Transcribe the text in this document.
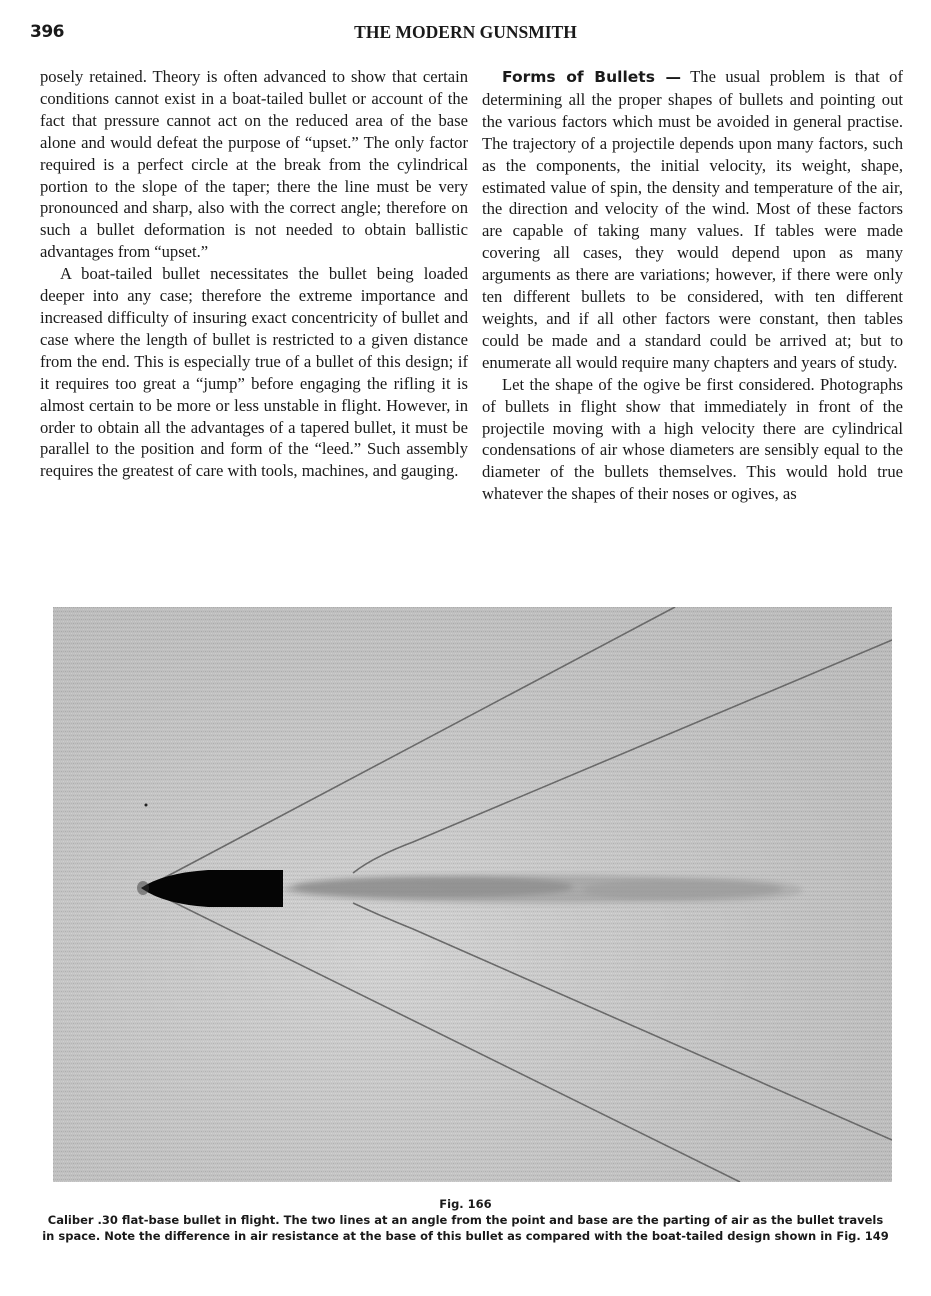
396	THE MODERN GUNSMITH

posely retained. Theory is often advanced to show that certain conditions cannot exist in a boat-tailed bullet or account of the fact that pressure cannot act on the reduced area of the base alone and would defeat the purpose of “upset.” The only factor required is a perfect circle at the break from the cylindrical portion to the slope of the taper; there the line must be very pronounced and sharp, also with the correct angle; therefore on such a bullet deformation is not needed to obtain ballistic advantages from “upset.”

A boat-tailed bullet necessitates the bullet being loaded deeper into any case; therefore the extreme importance and increased difficulty of insuring exact concentricity of bullet and case where the length of bullet is restricted to a given distance from the end. This is especially true of a bullet of this design; if it requires too great a “jump” before engaging the rifling it is almost certain to be more or less unstable in flight. However, in order to obtain all the advantages of a tapered bullet, it must be parallel to the position and form of the “leed.” Such assembly requires the greatest of care with tools, machines, and gauging.

Forms of Bullets — The usual problem is that of determining all the proper shapes of bullets and pointing out the various factors which must be avoided in general practise. The trajectory of a projectile depends upon many factors, such as the components, the initial velocity, its weight, shape, estimated value of spin, the density and temperature of the air, the direction and velocity of the wind. Most of these factors are capable of taking many values. If tables were made covering all cases, they would depend upon as many arguments as there are variations; however, if there were only ten different bullets to be considered, with ten different weights, and if all other factors were constant, then tables could be made and a standard could be arrived at; but to enumerate all would require many chapters and years of study.

Let the shape of the ogive be first considered. Photographs of bullets in flight show that immediately in front of the projectile moving with a high velocity there are cylindrical condensations of air whose diameters are sensibly equal to the diameter of the bullets themselves. This would hold true whatever the shapes of their noses or ogives, as

Fig. 166
Caliber .30 flat-base bullet in flight. The two lines at an angle from the point and base are the parting of air as the bullet travels in space. Note the difference in air resistance at the base of this bullet as compared with the boat-tailed design shown in Fig. 149
